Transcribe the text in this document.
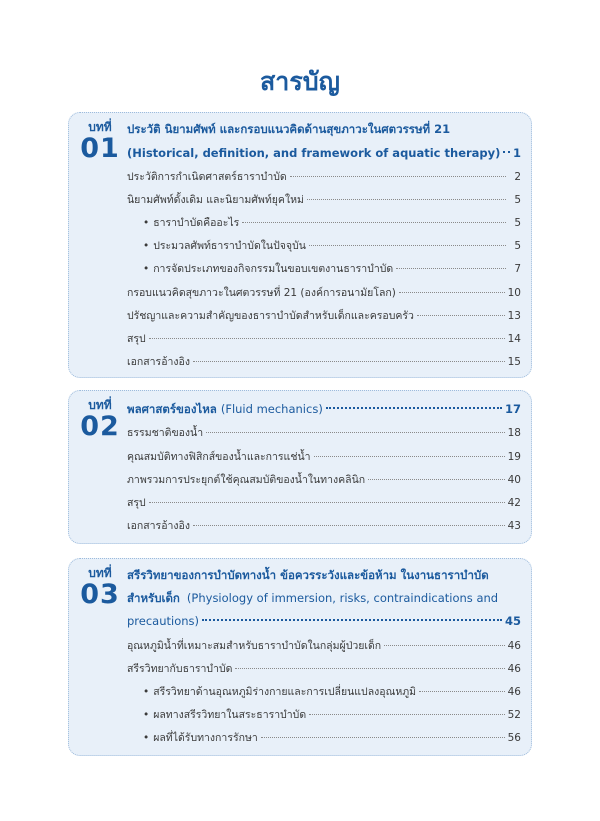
สารบัญ
บทที่
01
ประวัติ นิยามศัพท์ และกรอบแนวคิดด้านสุขภาวะในศตวรรษที่ 21
(Historical, definition, and framework of aquatic therapy) 1
ประวัติการกำเนิดศาสตร์ธาราบำบัด	2
นิยามศัพท์ดั้งเดิม และนิยามศัพท์ยุคใหม่	5
• ธาราบำบัดคืออะไร	5
• ประมวลศัพท์ธาราบำบัดในปัจจุบัน	5
• การจัดประเภทของกิจกรรมในขอบเขตงานธาราบำบัด	7
กรอบแนวคิดสุขภาวะในศตวรรษที่ 21 (องค์การอนามัยโลก)	10
ปรัชญาและความสำคัญของธาราบำบัดสำหรับเด็กและครอบครัว	13
สรุป	14
เอกสารอ้างอิง	15
บทที่
02
พลศาสตร์ของไหล (Fluid mechanics)	17
ธรรมชาติของน้ำ	18
คุณสมบัติทางฟิสิกส์ของน้ำและการแช่น้ำ	19
ภาพรวมการประยุกต์ใช้คุณสมบัติของน้ำในทางคลินิก	40
สรุป	42
เอกสารอ้างอิง	43
บทที่
03
สรีรวิทยาของการบำบัดทางน้ำ ข้อควรระวังและข้อห้าม ในงานธาราบำบัด
สำหรับเด็ก (Physiology of immersion, risks, contraindications and
precautions)	45
อุณหภูมิน้ำที่เหมาะสมสำหรับธาราบำบัดในกลุ่มผู้ป่วยเด็ก	46
สรีรวิทยากับธาราบำบัด	46
• สรีรวิทยาด้านอุณหภูมิร่างกายและการเปลี่ยนแปลงอุณหภูมิ	46
• ผลทางสรีรวิทยาในสระธาราบำบัด	52
• ผลที่ได้รับทางการรักษา	56
